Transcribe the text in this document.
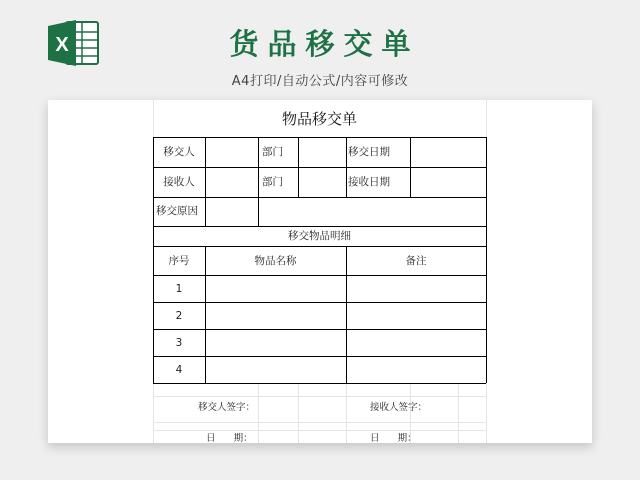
X	货品移交单
A4打印/自动公式/内容可修改
物品移交单
移交人	部门	移交日期
接收人	部门	接收日期
移交原因
移交物品明细
序号	物品名称	备注
1
2
3
4
移交人签字：	接收人签字：
日      期：	日      期：
